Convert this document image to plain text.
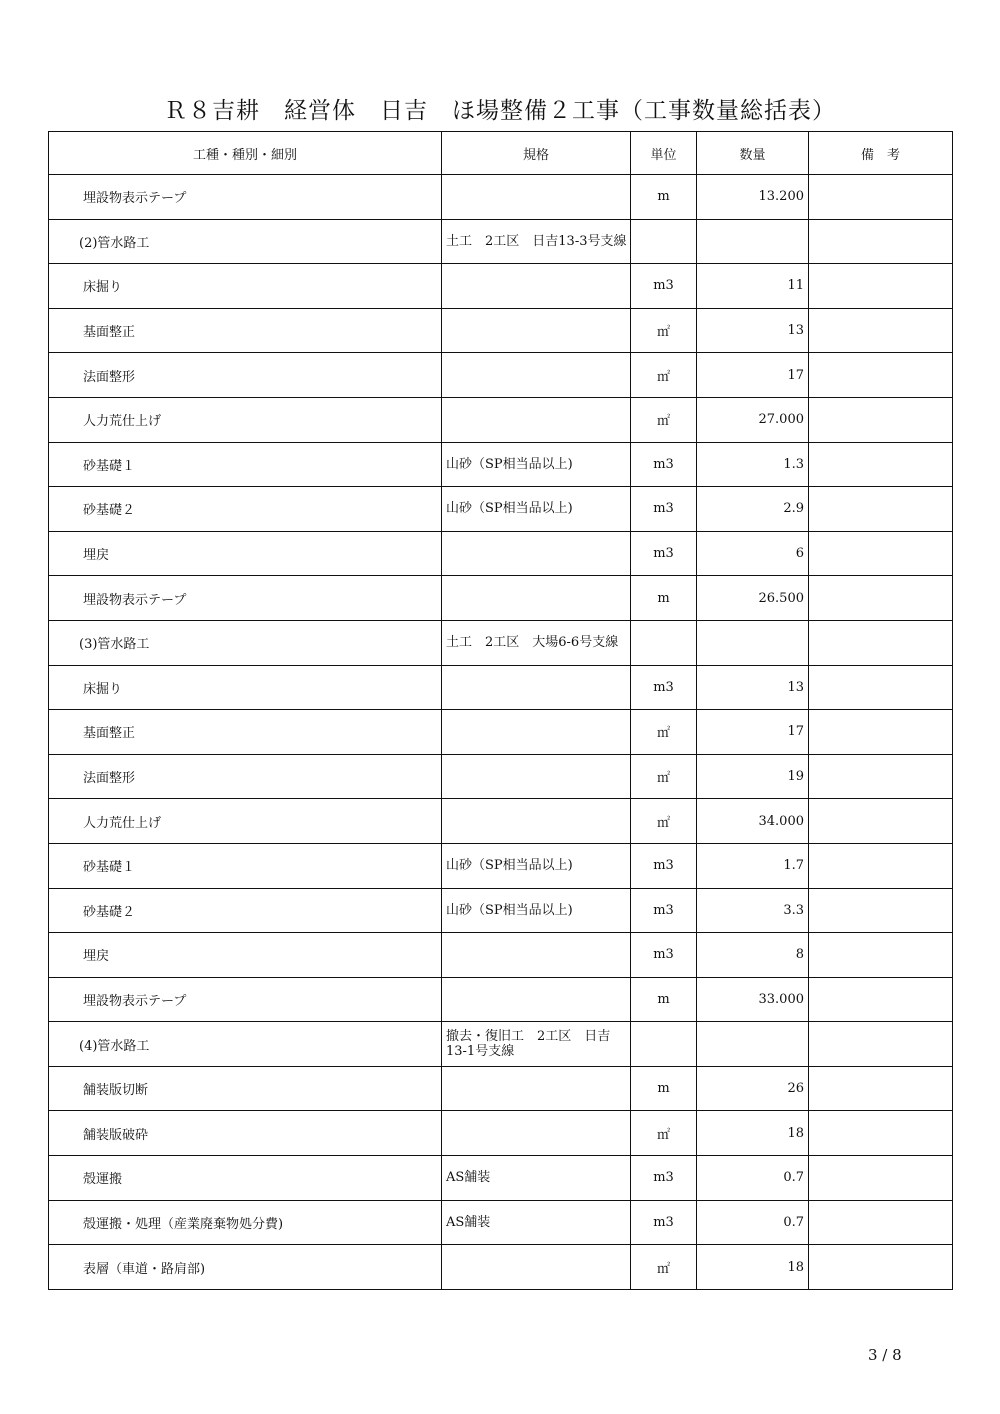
Ｒ８吉耕　経営体　日吉　ほ場整備２工事（工事数量総括表）
工種・種別・細別	規格	単位	数量	備　考
埋設物表示テープ		m	13.200	
(2)管水路工	土工　2工区　日吉13-3号支線			
床掘り		m3	11	
基面整正		㎡	13	
法面整形		㎡	17	
人力荒仕上げ		㎡	27.000	
砂基礎１	山砂（SP相当品以上)	m3	1.3	
砂基礎２	山砂（SP相当品以上)	m3	2.9	
埋戻		m3	6	
埋設物表示テープ		m	26.500	
(3)管水路工	土工　2工区　大場6-6号支線			
床掘り		m3	13	
基面整正		㎡	17	
法面整形		㎡	19	
人力荒仕上げ		㎡	34.000	
砂基礎１	山砂（SP相当品以上)	m3	1.7	
砂基礎２	山砂（SP相当品以上)	m3	3.3	
埋戻		m3	8	
埋設物表示テープ		m	33.000	
(4)管水路工	撤去・復旧工　2工区　日吉13-1号支線			
舗装版切断		m	26	
舗装版破砕		㎡	18	
殻運搬	AS舗装	m3	0.7	
殻運搬・処理（産業廃棄物処分費)	AS舗装	m3	0.7	
表層（車道・路肩部)		㎡	18	
3 / 8
